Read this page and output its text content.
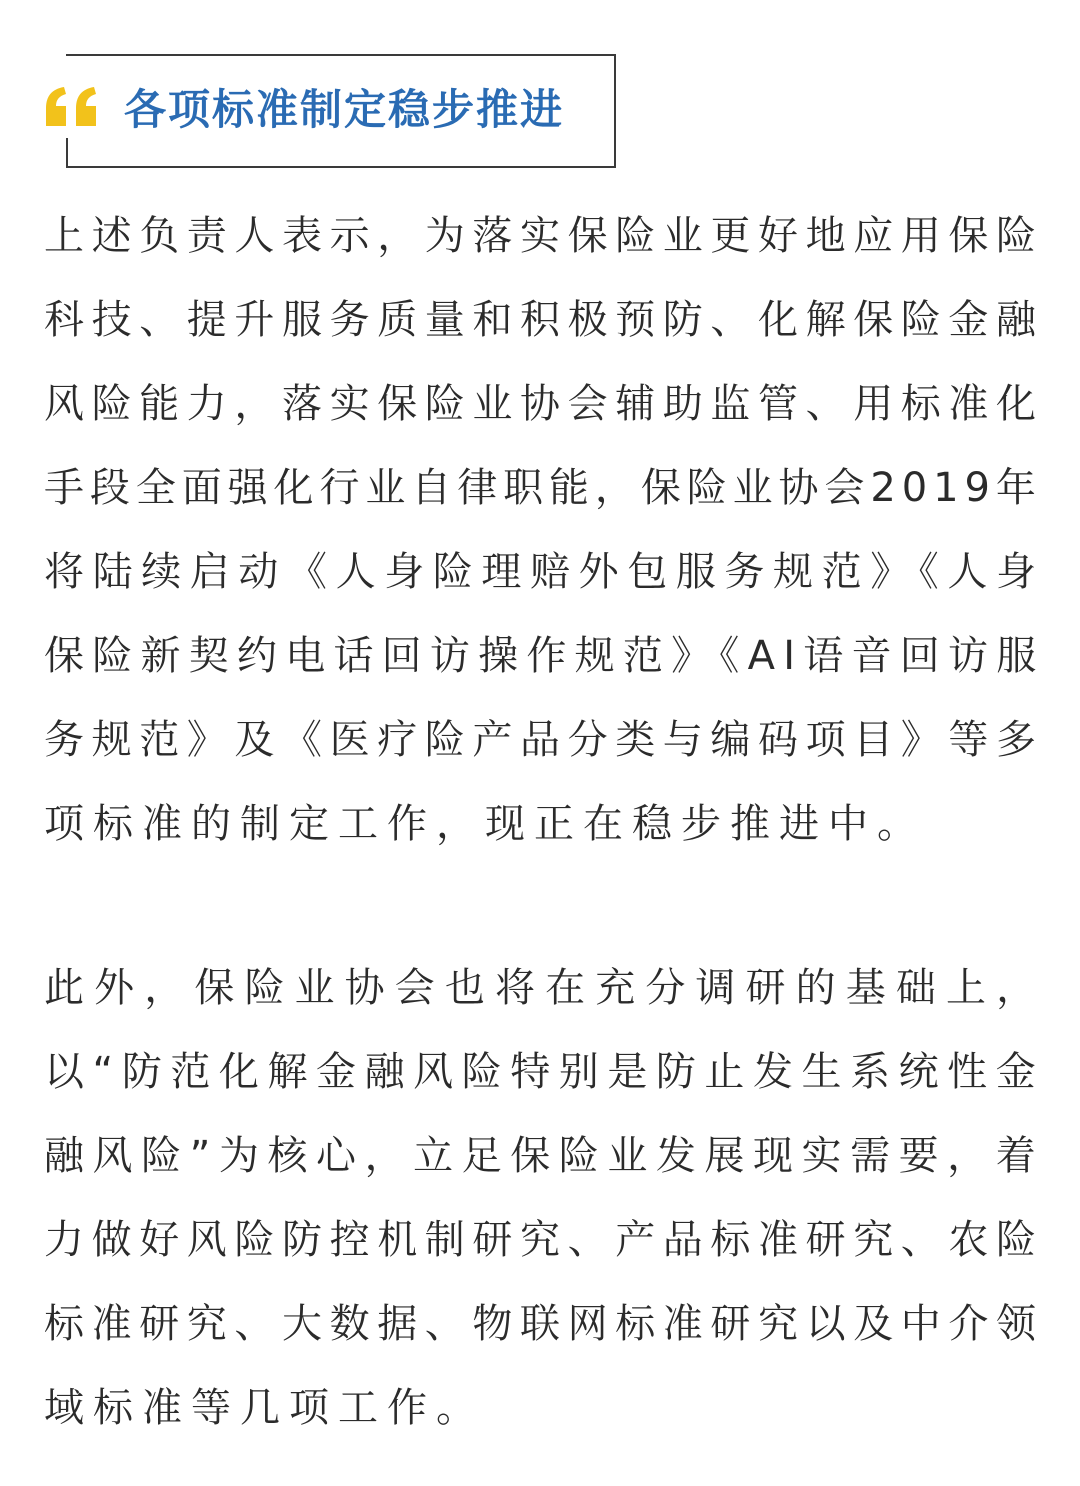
各项标准制定稳步推进
上述负责人表示，为落实保险业更好地应用保险
科技、提升服务质量和积极预防、化解保险金融
风险能力，落实保险业协会辅助监管、用标准化
手段全面强化行业自律职能，保险业协会2019年
将陆续启动《人身险理赔外包服务规范》《人身
保险新契约电话回访操作规范》《AI语音回访服
务规范》及《医疗险产品分类与编码项目》等多
项标准的制定工作，现正在稳步推进中。
此外，保险业协会也将在充分调研的基础上，
以“防范化解金融风险特别是防止发生系统性金
融风险”为核心，立足保险业发展现实需要，着
力做好风险防控机制研究、产品标准研究、农险
标准研究、大数据、物联网标准研究以及中介领
域标准等几项工作。
